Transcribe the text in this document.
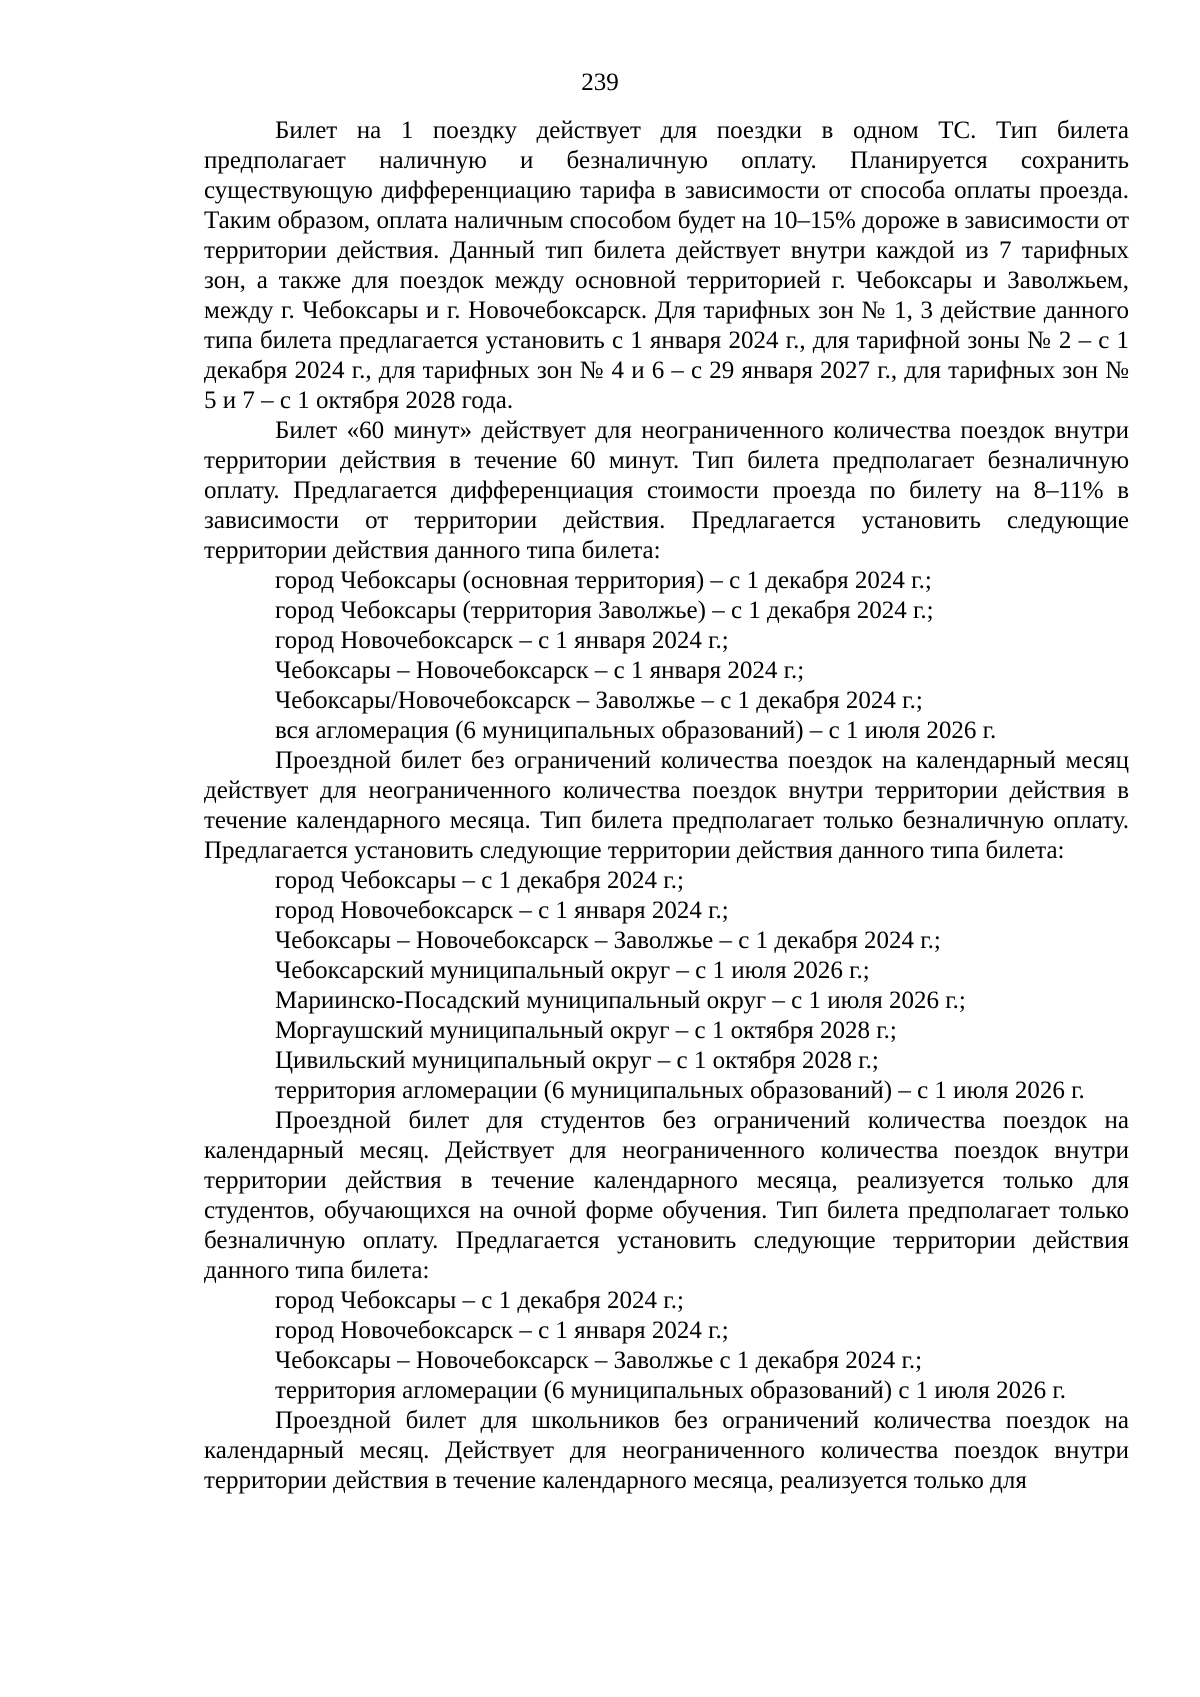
239

Билет на 1 поездку действует для поездки в одном ТС. Тип билета предполагает наличную и безналичную оплату. Планируется сохранить существующую дифференциацию тарифа в зависимости от способа оплаты проезда. Таким образом, оплата наличным способом будет на 10–15% дороже в зависимости от территории действия. Данный тип билета действует внутри каждой из 7 тарифных зон, а также для поездок между основной территорией г. Чебоксары и Заволжьем, между г. Чебоксары и г. Новочебоксарск. Для тарифных зон № 1, 3 действие данного типа билета предлагается установить с 1 января 2024 г., для тарифной зоны № 2 – с 1 декабря 2024 г., для тарифных зон № 4 и 6 – с 29 января 2027 г., для тарифных зон № 5 и 7 – с 1 октября 2028 года.

Билет «60 минут» действует для неограниченного количества поездок внутри территории действия в течение 60 минут. Тип билета предполагает безналичную оплату. Предлагается дифференциация стоимости проезда по билету на 8–11% в зависимости от территории действия. Предлагается установить следующие территории действия данного типа билета:

город Чебоксары (основная территория) – с 1 декабря 2024 г.;

город Чебоксары (территория Заволжье) – с 1 декабря 2024 г.;

город Новочебоксарск – с 1 января 2024 г.;

Чебоксары – Новочебоксарск – с 1 января 2024 г.;

Чебоксары/Новочебоксарск – Заволжье – с 1 декабря 2024 г.;

вся агломерация (6 муниципальных образований) – с 1 июля 2026 г.

Проездной билет без ограничений количества поездок на календарный месяц действует для неограниченного количества поездок внутри территории действия в течение календарного месяца. Тип билета предполагает только безналичную оплату. Предлагается установить следующие территории действия данного типа билета:

город Чебоксары – с 1 декабря 2024 г.;

город Новочебоксарск – с 1 января 2024 г.;

Чебоксары – Новочебоксарск – Заволжье – с 1 декабря 2024 г.;

Чебоксарский муниципальный округ – с 1 июля 2026 г.;

Мариинско-Посадский муниципальный округ – с 1 июля 2026 г.;

Моргаушский муниципальный округ – с 1 октября 2028 г.;

Цивильский муниципальный округ – с 1 октября 2028 г.;

территория агломерации (6 муниципальных образований) – с 1 июля 2026 г.

Проездной билет для студентов без ограничений количества поездок на календарный месяц. Действует для неограниченного количества поездок внутри территории действия в течение календарного месяца, реализуется только для студентов, обучающихся на очной форме обучения. Тип билета предполагает только безналичную оплату. Предлагается установить следующие территории действия данного типа билета:

город Чебоксары – с 1 декабря 2024 г.;

город Новочебоксарск – с 1 января 2024 г.;

Чебоксары – Новочебоксарск – Заволжье с 1 декабря 2024 г.;

территория агломерации (6 муниципальных образований) с 1 июля 2026 г.

Проездной билет для школьников без ограничений количества поездок на календарный месяц. Действует для неограниченного количества поездок внутри территории действия в течение календарного месяца, реализуется только для
